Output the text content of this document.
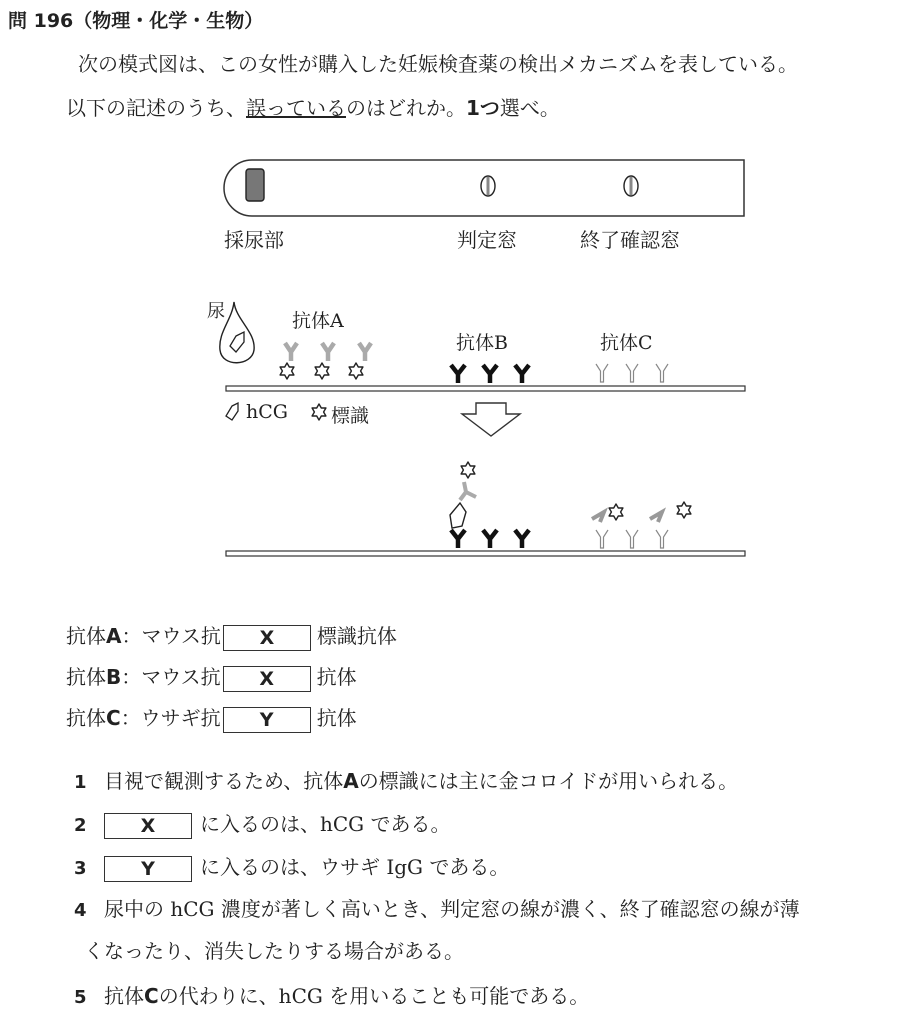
問 196（物理・化学・生物）
次の模式図は、この女性が購入した妊娠検査薬の検出メカニズムを表している。
以下の記述のうち、誤っているのはどれか。1つ選べ。
採尿部	判定窓	終了確認窓
尿	抗体A
抗体B	抗体C
hCG 標識
抗体A：マウス抗 X 標識抗体
抗体B：マウス抗 X 抗体
抗体C：ウサギ抗 Y 抗体
1 目視で観測するため、抗体Aの標識には主に金コロイドが用いられる。
2	X に入るのは、hCG である。
3	Y に入るのは、ウサギ IgG である。
4 尿中の hCG 濃度が著しく高いとき、判定窓の線が濃く、終了確認窓の線が薄
くなったり、消失したりする場合がある。
5 抗体Cの代わりに、hCG を用いることも可能である。
